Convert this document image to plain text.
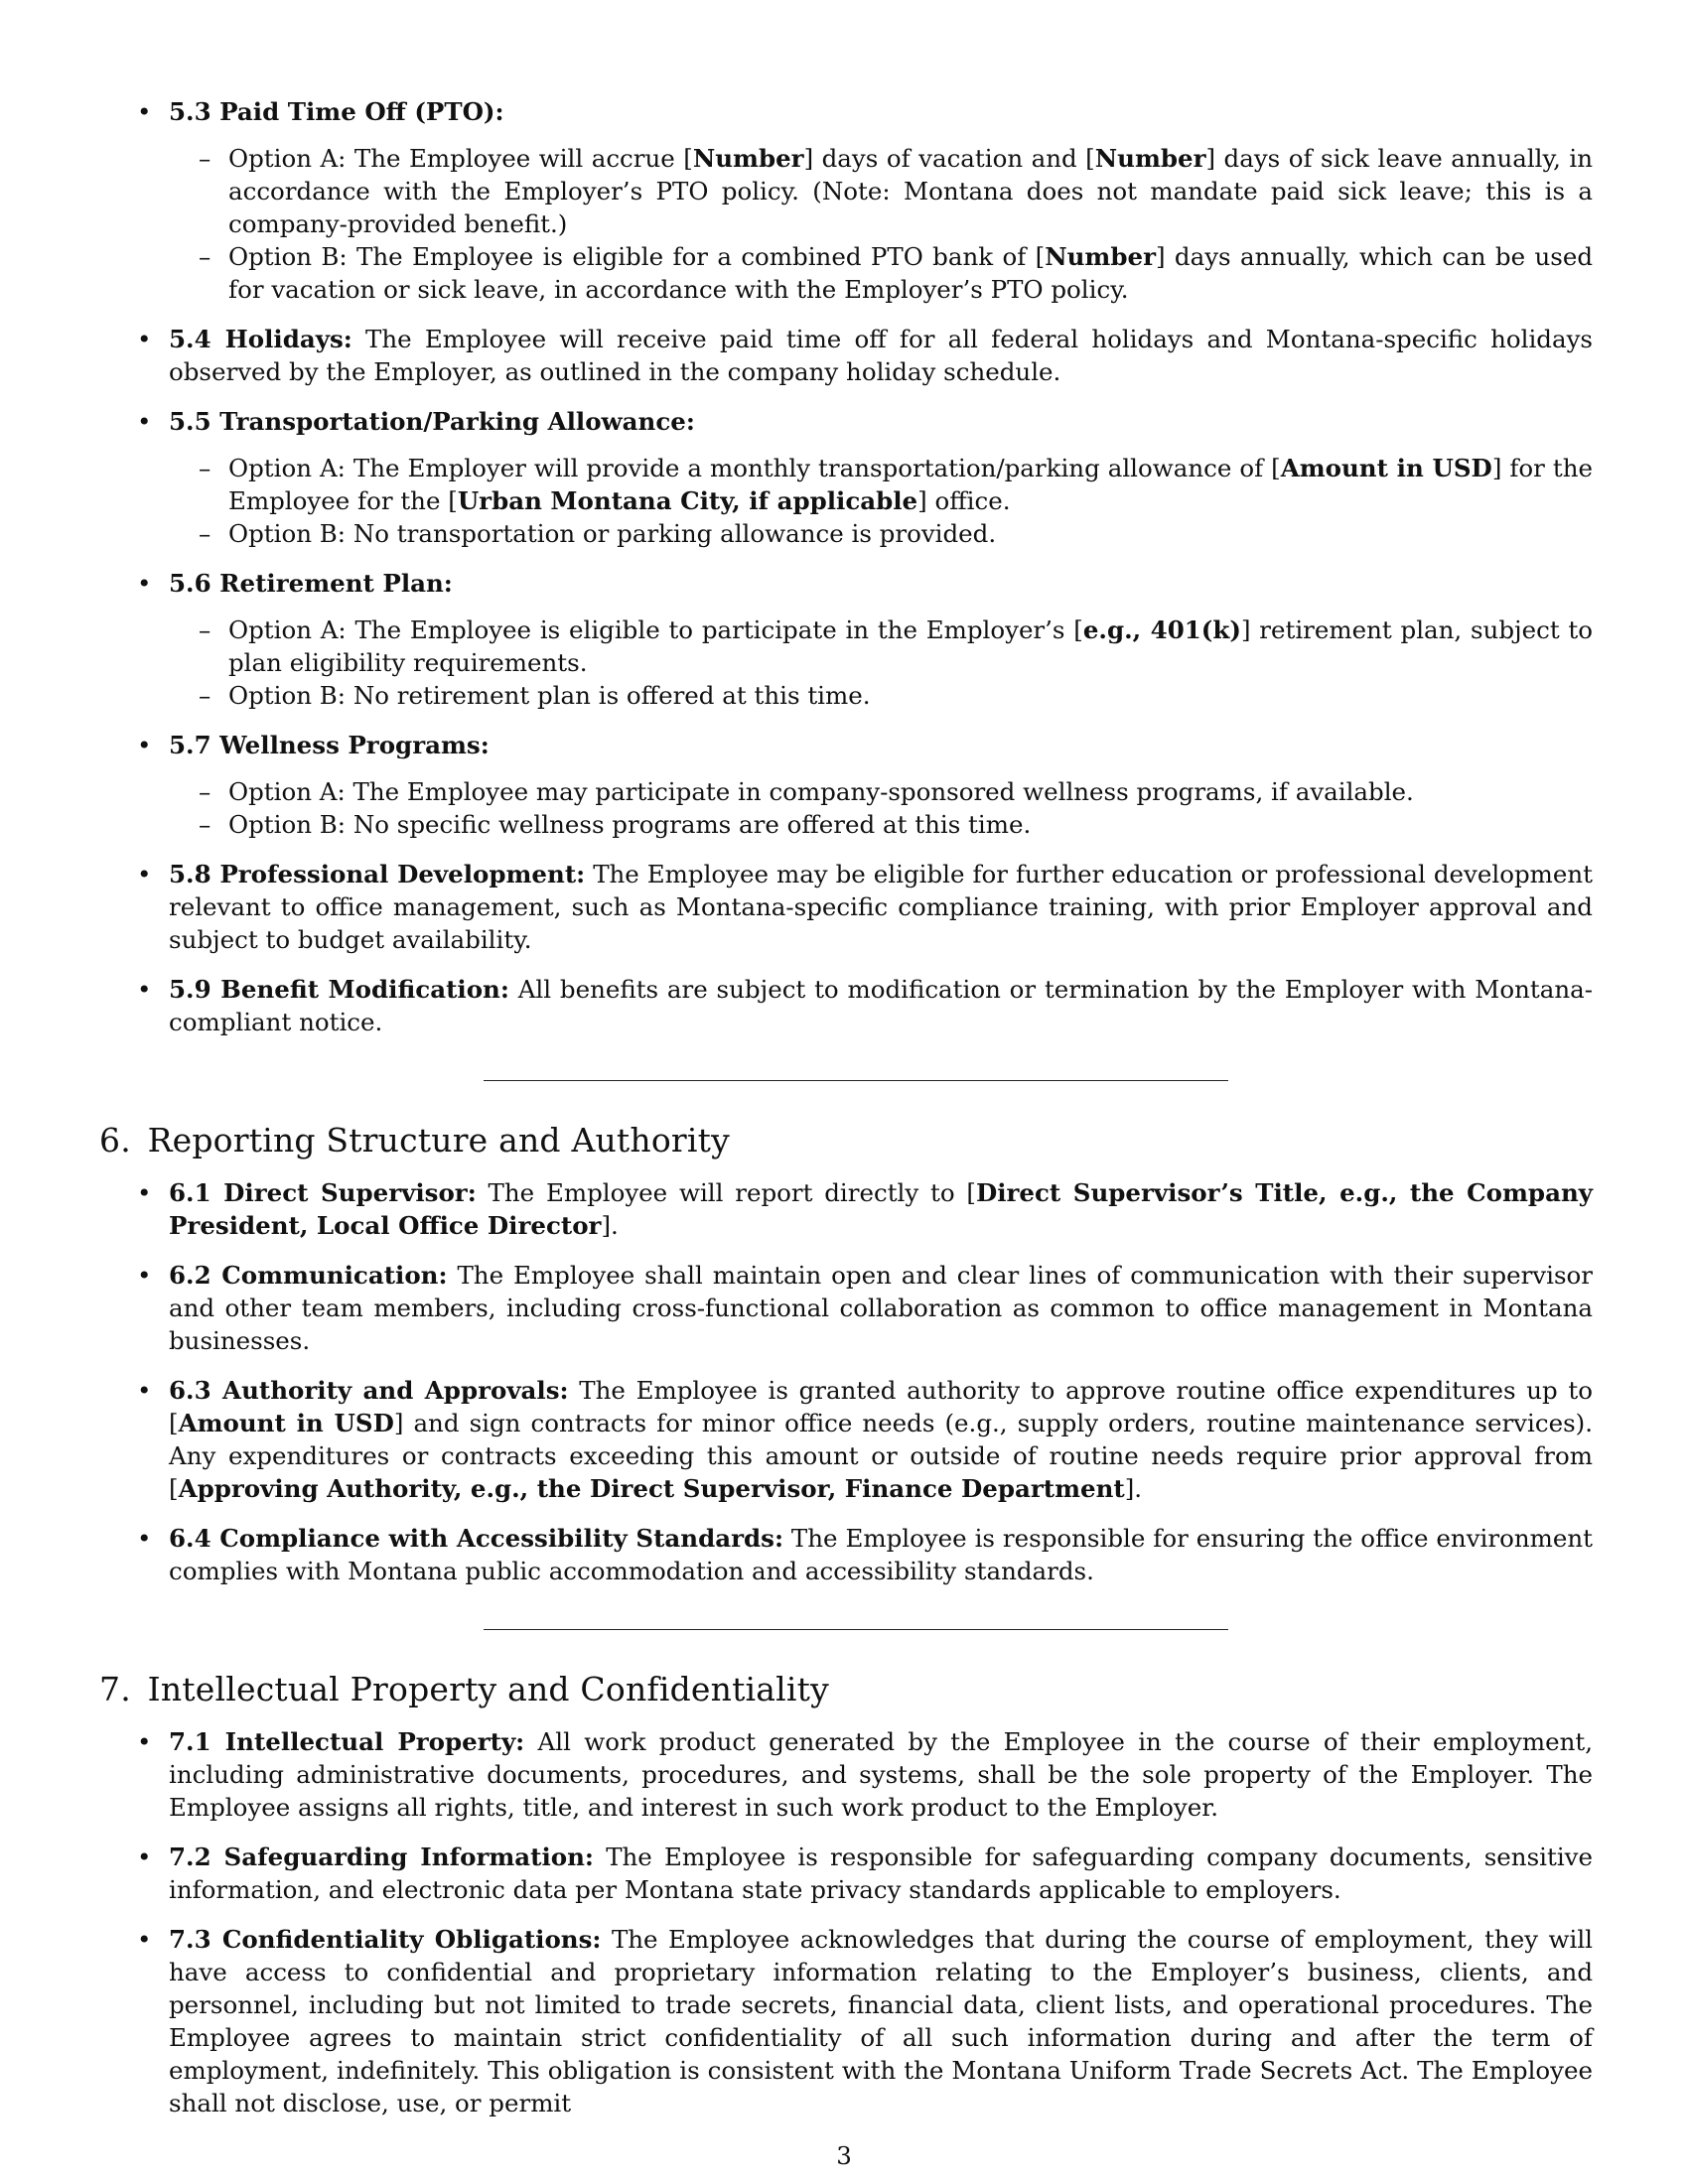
• 5.3 Paid Time Off (PTO):
– Option A: The Employee will accrue [Number] days of vacation and [Number] days of sick leave annually, in accordance with the Employer’s PTO policy. (Note: Montana does not mandate paid sick leave; this is a company-provided benefit.)
– Option B: The Employee is eligible for a combined PTO bank of [Number] days annually, which can be used for vacation or sick leave, in accordance with the Employer’s PTO policy.
• 5.4 Holidays: The Employee will receive paid time off for all federal holidays and Montana-specific holidays observed by the Employer, as outlined in the company holiday schedule.
• 5.5 Transportation/Parking Allowance:
– Option A: The Employer will provide a monthly transportation/parking allowance of [Amount in USD] for the Employee for the [Urban Montana City, if applicable] office.
– Option B: No transportation or parking allowance is provided.
• 5.6 Retirement Plan:
– Option A: The Employee is eligible to participate in the Employer’s [e.g., 401(k)] retirement plan, subject to plan eligibility requirements.
– Option B: No retirement plan is offered at this time.
• 5.7 Wellness Programs:
– Option A: The Employee may participate in company-sponsored wellness programs, if available.
– Option B: No specific wellness programs are offered at this time.
• 5.8 Professional Development: The Employee may be eligible for further education or professional development relevant to office management, such as Montana-specific compliance training, with prior Employer approval and subject to budget availability.
• 5.9 Benefit Modification: All benefits are subject to modification or termination by the Employer with Montana-compliant notice.
6. Reporting Structure and Authority
• 6.1 Direct Supervisor: The Employee will report directly to [Direct Supervisor’s Title, e.g., the Company President, Local Office Director].
• 6.2 Communication: The Employee shall maintain open and clear lines of communication with their supervisor and other team members, including cross-functional collaboration as common to office management in Montana businesses.
• 6.3 Authority and Approvals: The Employee is granted authority to approve routine office expenditures up to [Amount in USD] and sign contracts for minor office needs (e.g., supply orders, routine maintenance services). Any expenditures or contracts exceeding this amount or outside of routine needs require prior approval from [Approving Authority, e.g., the Direct Supervisor, Finance Department].
• 6.4 Compliance with Accessibility Standards: The Employee is responsible for ensuring the office environment complies with Montana public accommodation and accessibility standards.
7. Intellectual Property and Confidentiality
• 7.1 Intellectual Property: All work product generated by the Employee in the course of their employment, including administrative documents, procedures, and systems, shall be the sole property of the Employer. The Employee assigns all rights, title, and interest in such work product to the Employer.
• 7.2 Safeguarding Information: The Employee is responsible for safeguarding company documents, sensitive information, and electronic data per Montana state privacy standards applicable to employers.
• 7.3 Confidentiality Obligations: The Employee acknowledges that during the course of employment, they will have access to confidential and proprietary information relating to the Employer’s business, clients, and personnel, including but not limited to trade secrets, financial data, client lists, and operational procedures. The Employee agrees to maintain strict confidentiality of all such information during and after the term of employment, indefinitely. This obligation is consistent with the Montana Uniform Trade Secrets Act. The Employee shall not disclose, use, or permit
3
